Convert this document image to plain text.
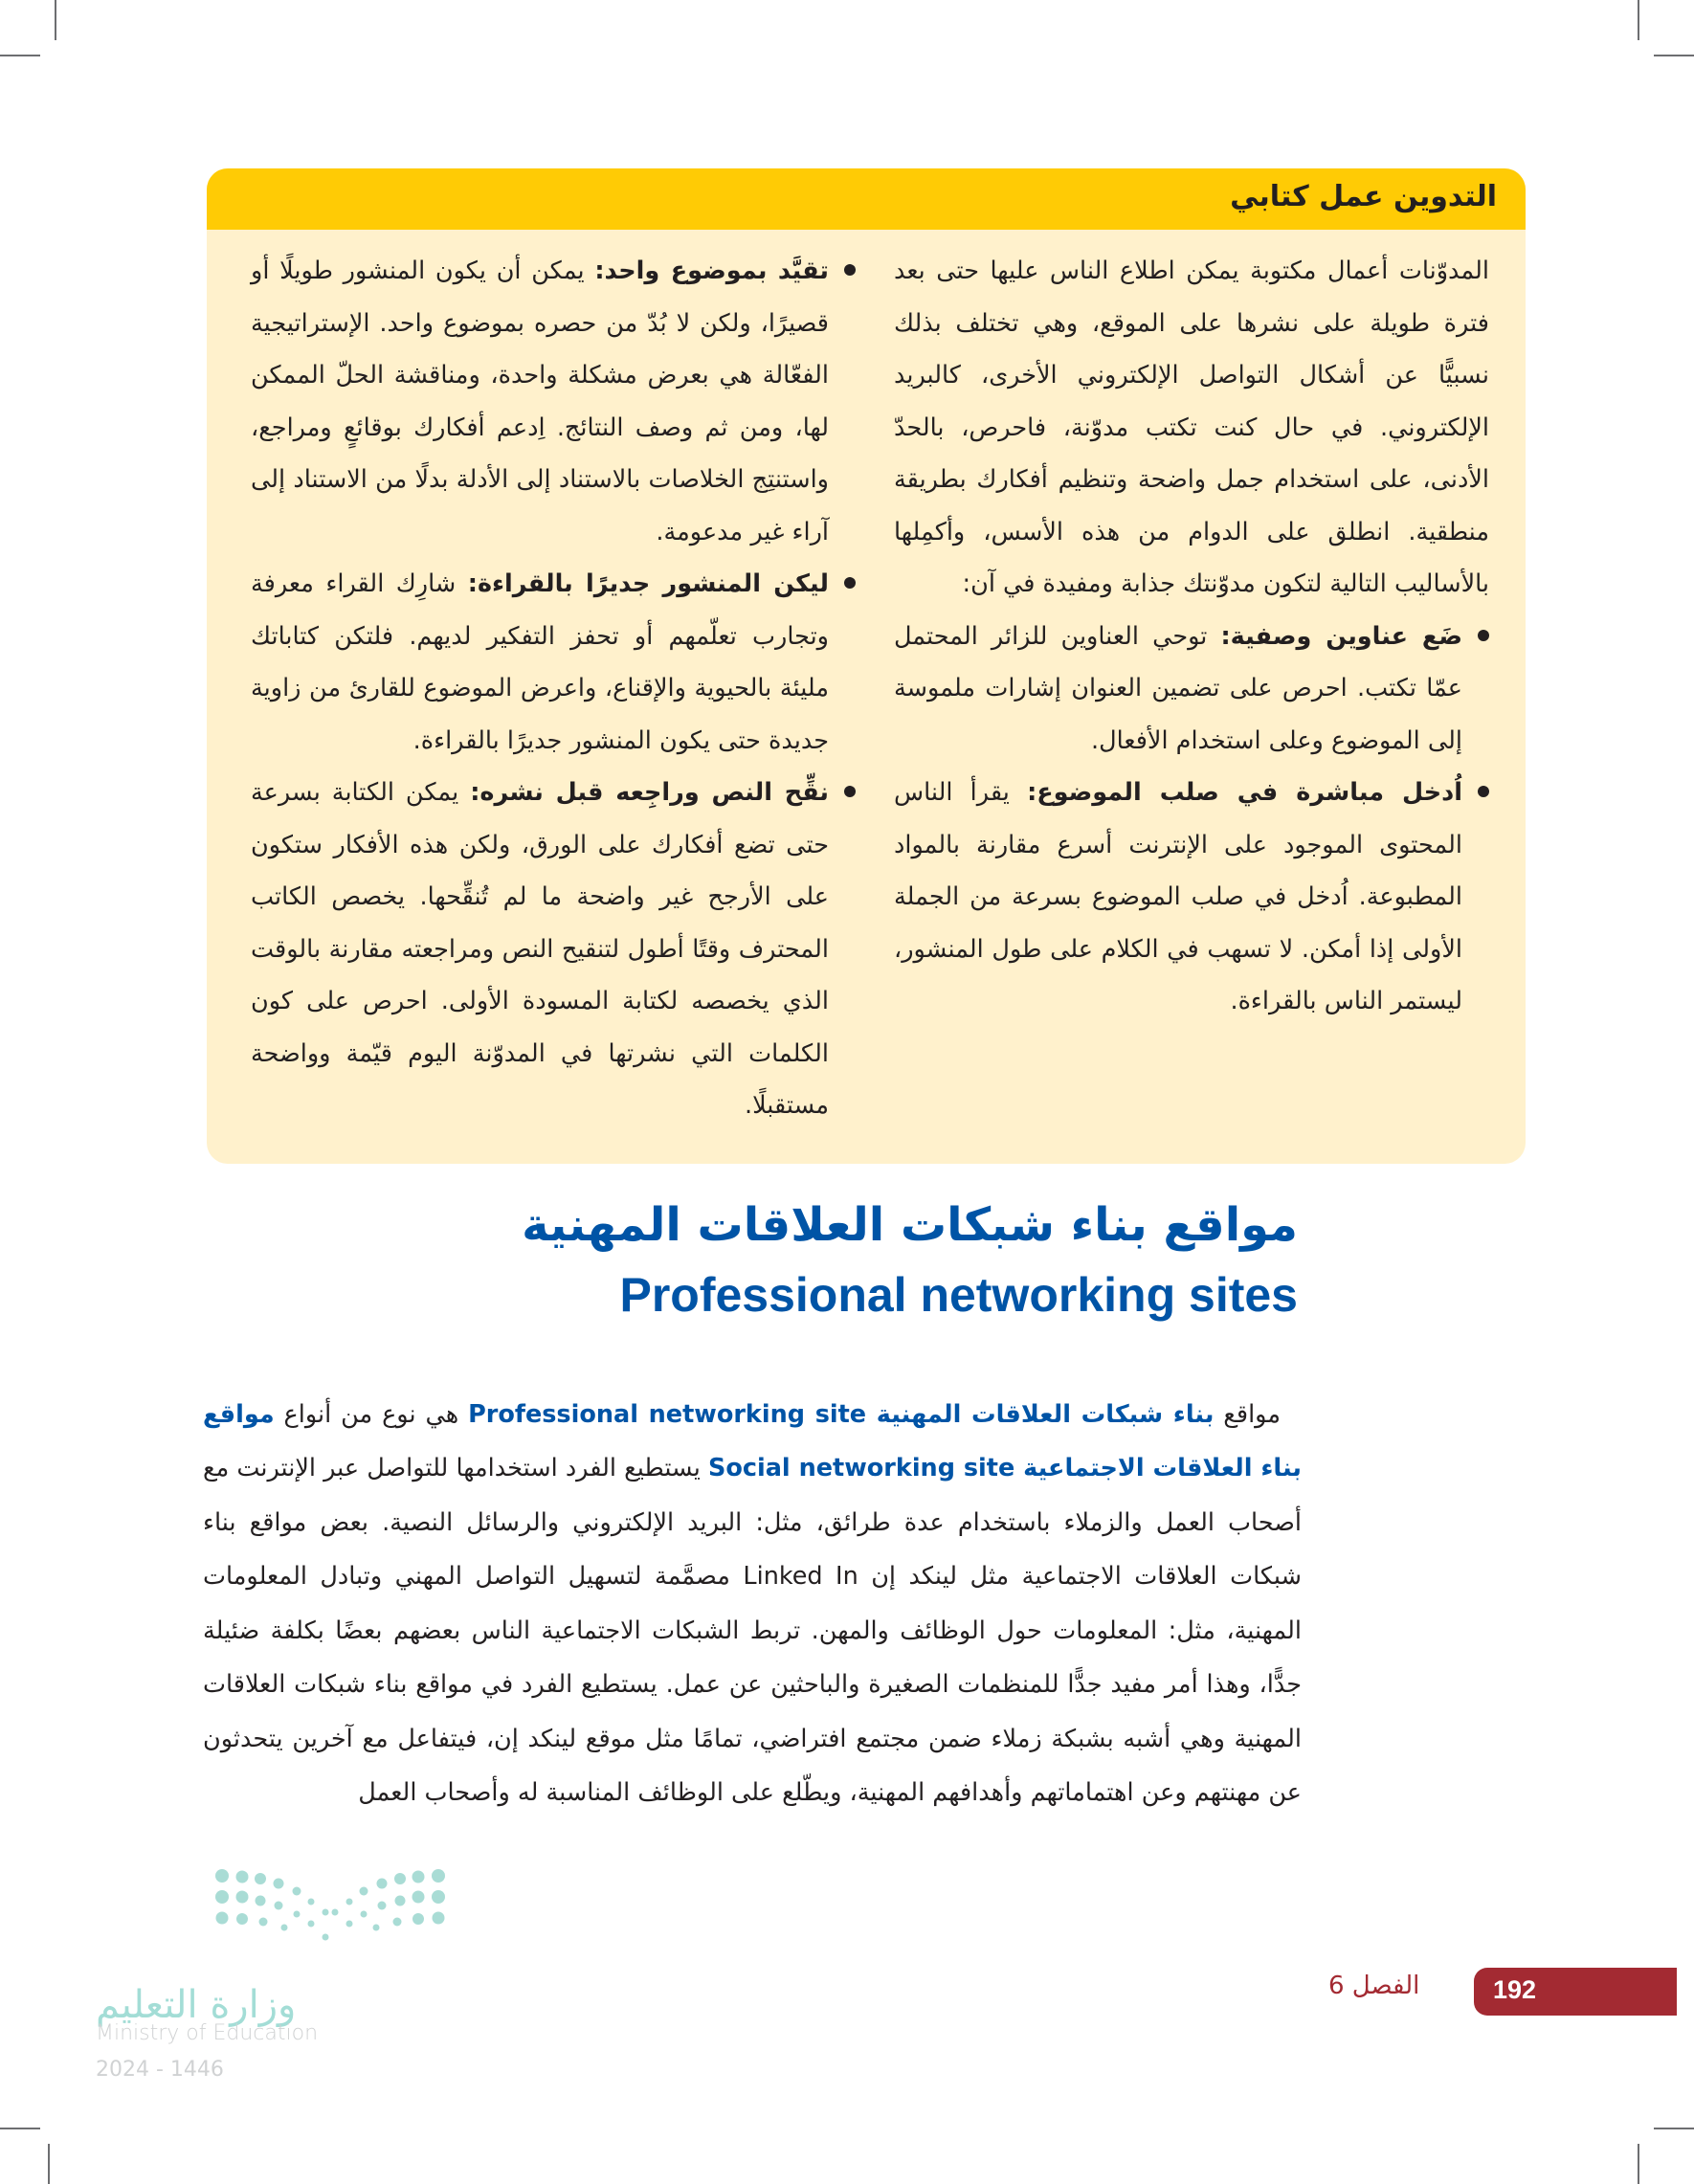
التدوين عمل كتابي

المدوّنات أعمال مكتوبة يمكن اطلاع الناس عليها حتى بعد فترة طويلة على نشرها على الموقع، وهي تختلف بذلك نسبيًّا عن أشكال التواصل الإلكتروني الأخرى، كالبريد الإلكتروني. في حال كنت تكتب مدوّنة، فاحرص، بالحدّ الأدنى، على استخدام جمل واضحة وتنظيم أفكارك بطريقة منطقية. انطلق على الدوام من هذه الأسس، وأكمِلها بالأساليب التالية لتكون مدوّنتك جذابة ومفيدة في آن:

ضَع عناوين وصفية: توحي العناوين للزائر المحتمل عمّا تكتب. احرص على تضمين العنوان إشارات ملموسة إلى الموضوع وعلى استخدام الأفعال.

اُدخل مباشرة في صلب الموضوع: يقرأ الناس المحتوى الموجود على الإنترنت أسرع مقارنة بالمواد المطبوعة. اُدخل في صلب الموضوع بسرعة من الجملة الأولى إذا أمكن. لا تسهب في الكلام على طول المنشور، ليستمر الناس بالقراءة.

تقيَّد بموضوع واحد: يمكن أن يكون المنشور طويلًا أو قصيرًا، ولكن لا بُدّ من حصره بموضوع واحد. الإستراتيجية الفعّالة هي بعرض مشكلة واحدة، ومناقشة الحلّ الممكن لها، ومن ثم وصف النتائج. اِدعم أفكارك بوقائعٍ ومراجع، واستنتِج الخلاصات بالاستناد إلى الأدلة بدلًا من الاستناد إلى آراء غير مدعومة.

ليكن المنشور جديرًا بالقراءة: شارِك القراء معرفة وتجارب تعلّمهم أو تحفز التفكير لديهم. فلتكن كتاباتك مليئة بالحيوية والإقناع، واعرض الموضوع للقارئ من زاوية جديدة حتى يكون المنشور جديرًا بالقراءة.

نقِّح النص وراجِعه قبل نشره: يمكن الكتابة بسرعة حتى تضع أفكارك على الورق، ولكن هذه الأفكار ستكون على الأرجح غير واضحة ما لم تُنقِّحها. يخصص الكاتب المحترف وقتًا أطول لتنقيح النص ومراجعته مقارنة بالوقت الذي يخصصه لكتابة المسودة الأولى. احرص على كون الكلمات التي نشرتها في المدوّنة اليوم قيّمة وواضحة مستقبلًا.

مواقع بناء شبكات العلاقات المهنية
Professional networking sites

مواقع بناء شبكات العلاقات المهنية Professional networking site هي نوع من أنواع مواقع بناء العلاقات الاجتماعية Social networking site يستطيع الفرد استخدامها للتواصل عبر الإنترنت مع أصحاب العمل والزملاء باستخدام عدة طرائق، مثل: البريد الإلكتروني والرسائل النصية. بعض مواقع بناء شبكات العلاقات الاجتماعية مثل لينكد إن Linked In مصمَّمة لتسهيل التواصل المهني وتبادل المعلومات المهنية، مثل: المعلومات حول الوظائف والمهن. تربط الشبكات الاجتماعية الناس بعضهم بعضًا بكلفة ضئيلة جدًّا، وهذا أمر مفيد جدًّا للمنظمات الصغيرة والباحثين عن عمل. يستطيع الفرد في مواقع بناء شبكات العلاقات المهنية وهي أشبه بشبكة زملاء ضمن مجتمع افتراضي، تمامًا مثل موقع لينكد إن، فيتفاعل مع آخرين يتحدثون عن مهنتهم وعن اهتماماتهم وأهدافهم المهنية، ويطّلع على الوظائف المناسبة له وأصحاب العمل

وزارة التعليم
Ministry of Education
2024 - 1446
الفصل 6	192
